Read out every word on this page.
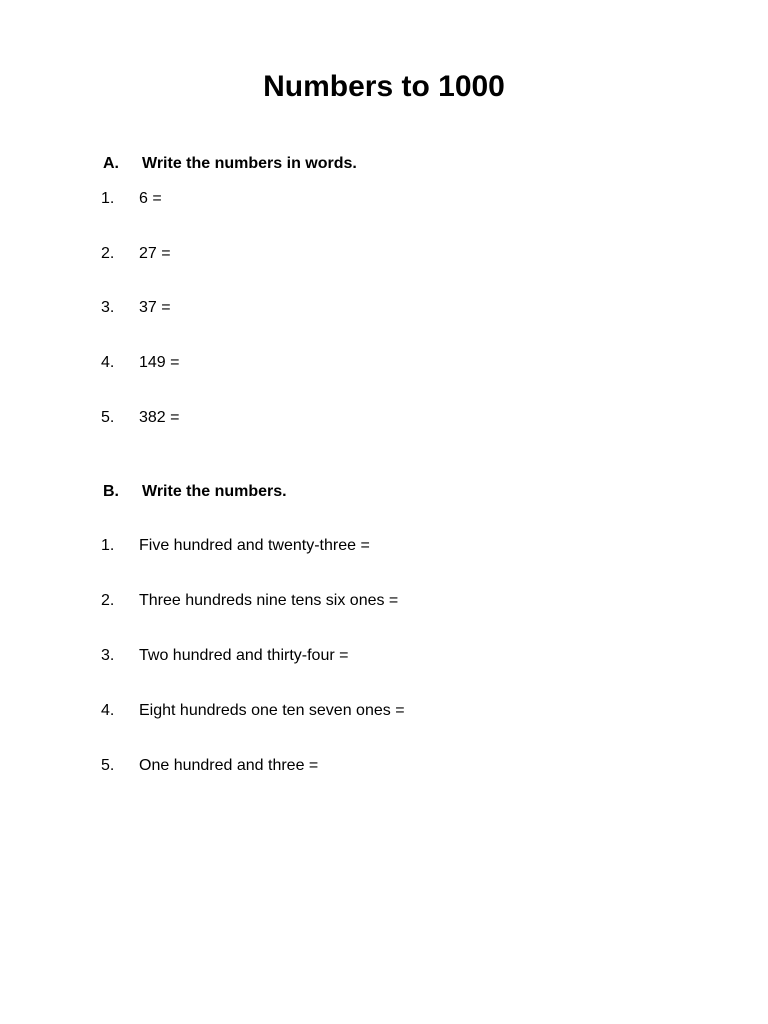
Numbers to 1000
A. Write the numbers in words.
1. 6 =
2. 27 =
3. 37 =
4. 149 =
5. 382 =
B. Write the numbers.
1. Five hundred and twenty-three =
2. Three hundreds nine tens six ones =
3. Two hundred and thirty-four =
4. Eight hundreds one ten seven ones =
5. One hundred and three =
